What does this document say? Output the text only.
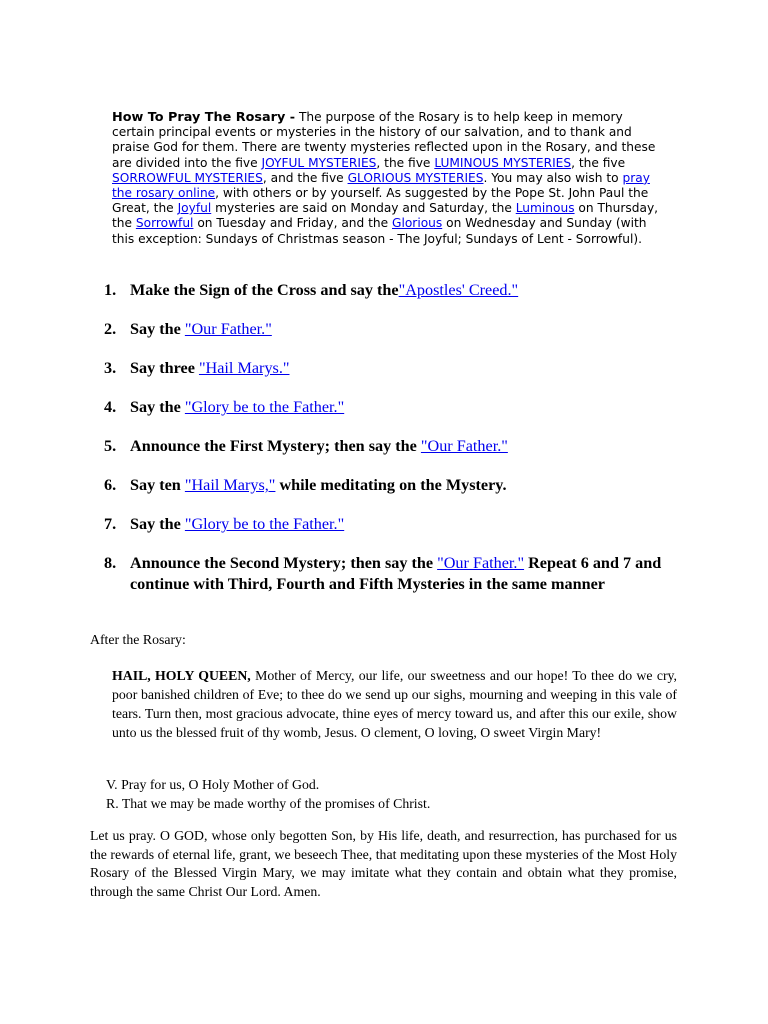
How To Pray The Rosary - The purpose of the Rosary is to help keep in memory certain principal events or mysteries in the history of our salvation, and to thank and praise God for them. There are twenty mysteries reflected upon in the Rosary, and these are divided into the five JOYFUL MYSTERIES, the five LUMINOUS MYSTERIES, the five SORROWFUL MYSTERIES, and the five GLORIOUS MYSTERIES. You may also wish to pray the rosary online, with others or by yourself. As suggested by the Pope St. John Paul the Great, the Joyful mysteries are said on Monday and Saturday, the Luminous on Thursday, the Sorrowful on Tuesday and Friday, and the Glorious on Wednesday and Sunday (with this exception: Sundays of Christmas season - The Joyful; Sundays of Lent - Sorrowful).
1. Make the Sign of the Cross and say the"Apostles' Creed."
2. Say the "Our Father."
3. Say three "Hail Marys."
4. Say the "Glory be to the Father."
5. Announce the First Mystery; then say the "Our Father."
6. Say ten "Hail Marys," while meditating on the Mystery.
7. Say the "Glory be to the Father."
8. Announce the Second Mystery; then say the "Our Father." Repeat 6 and 7 and continue with Third, Fourth and Fifth Mysteries in the same manner
After the Rosary:
HAIL, HOLY QUEEN, Mother of Mercy, our life, our sweetness and our hope! To thee do we cry, poor banished children of Eve; to thee do we send up our sighs, mourning and weeping in this vale of tears. Turn then, most gracious advocate, thine eyes of mercy toward us, and after this our exile, show unto us the blessed fruit of thy womb, Jesus. O clement, O loving, O sweet Virgin Mary!
V. Pray for us, O Holy Mother of God.
R. That we may be made worthy of the promises of Christ.
Let us pray. O GOD, whose only begotten Son, by His life, death, and resurrection, has purchased for us the rewards of eternal life, grant, we beseech Thee, that meditating upon these mysteries of the Most Holy Rosary of the Blessed Virgin Mary, we may imitate what they contain and obtain what they promise, through the same Christ Our Lord. Amen.
